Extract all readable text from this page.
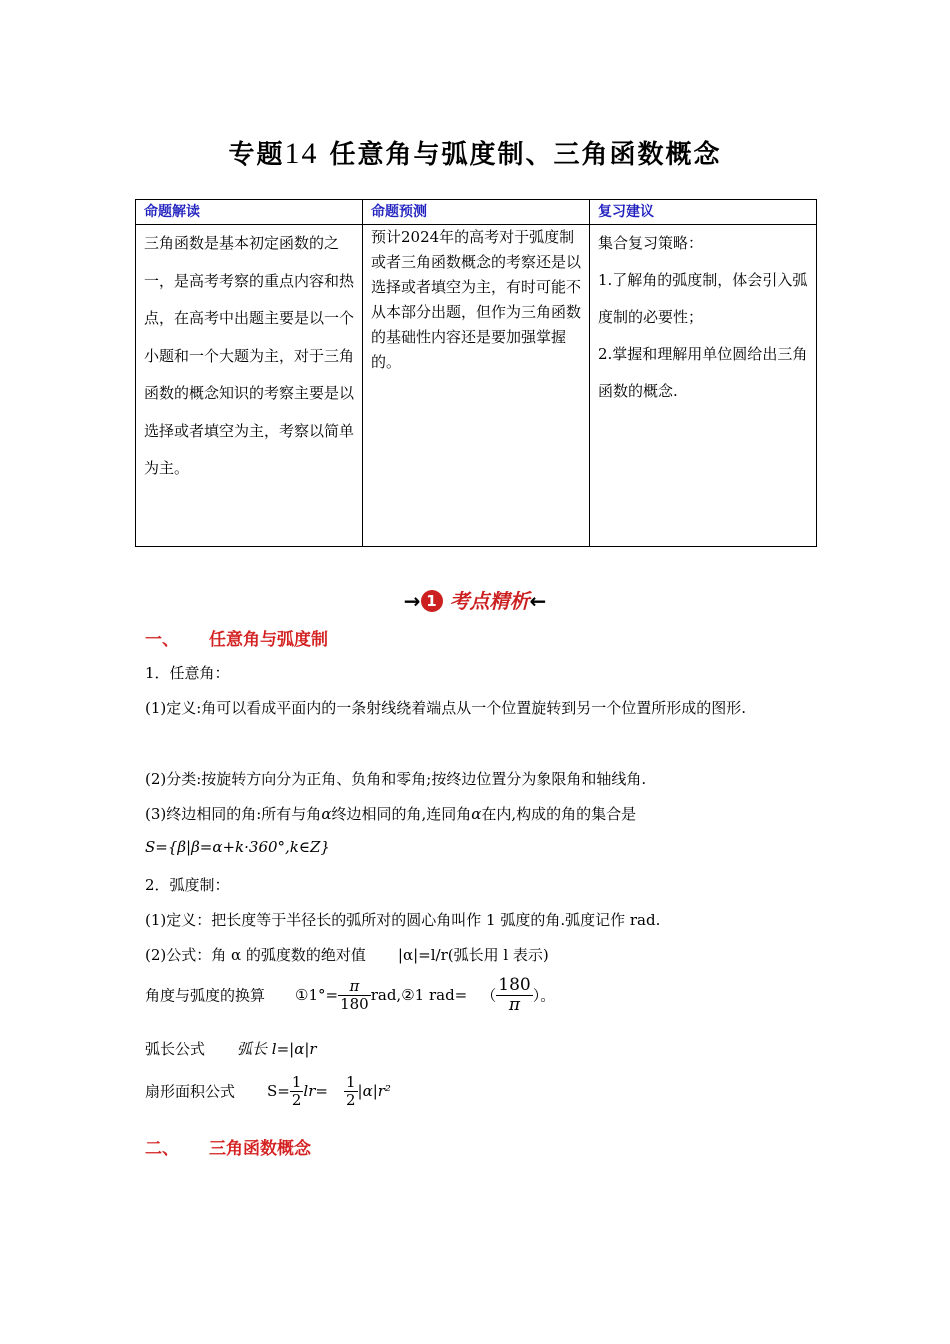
专题14 任意角与弧度制、三角函数概念
命题解读	命题预测	复习建议
三角函数是基本初定函数的之一，是高考考察的重点内容和热点，在高考中出题主要是以一个小题和一个大题为主，对于三角函数的概念知识的考察主要是以选择或者填空为主，考察以简单为主。	预计2024年的高考对于弧度制或者三角函数概念的考察还是以选择或者填空为主，有时可能不从本部分出题，但作为三角函数的基础性内容还是要加强掌握的。	集合复习策略：

1.了解角的弧度制，体会引入弧度制的必要性；

2.掌握和理解用单位圆给出三角函数的概念.

→ 1 考点精析←
一、 任意角与弧度制
1．任意角：
(1)定义:角可以看成平面内的一条射线绕着端点从一个位置旋转到另一个位置所形成的图形.
(2)分类:按旋转方向分为正角、负角和零角;按终边位置分为象限角和轴线角.
(3)终边相同的角:所有与角α终边相同的角,连同角α在内,构成的角的集合是
S={β|β=α+k·360°,k∈Z}
2．弧度制：
(1)定义：把长度等于半径长的弧所对的圆心角叫作 1 弧度的角.弧度记作 rad.
(2)公式：角 α 的弧度数的绝对值 |α|=l/r(弧长用 l 表示)
角度与弧度的换算 ①1°= $\frac{\pi}{180}$ rad,②1 rad= （ $\frac{180}{\pi}$ ）。
弧长公式 弧长 l=|α|r
扇形面积公式 $S= \frac{1}{2} lr= \frac{1}{2} |\alpha|r^2$
二、 三角函数概念
